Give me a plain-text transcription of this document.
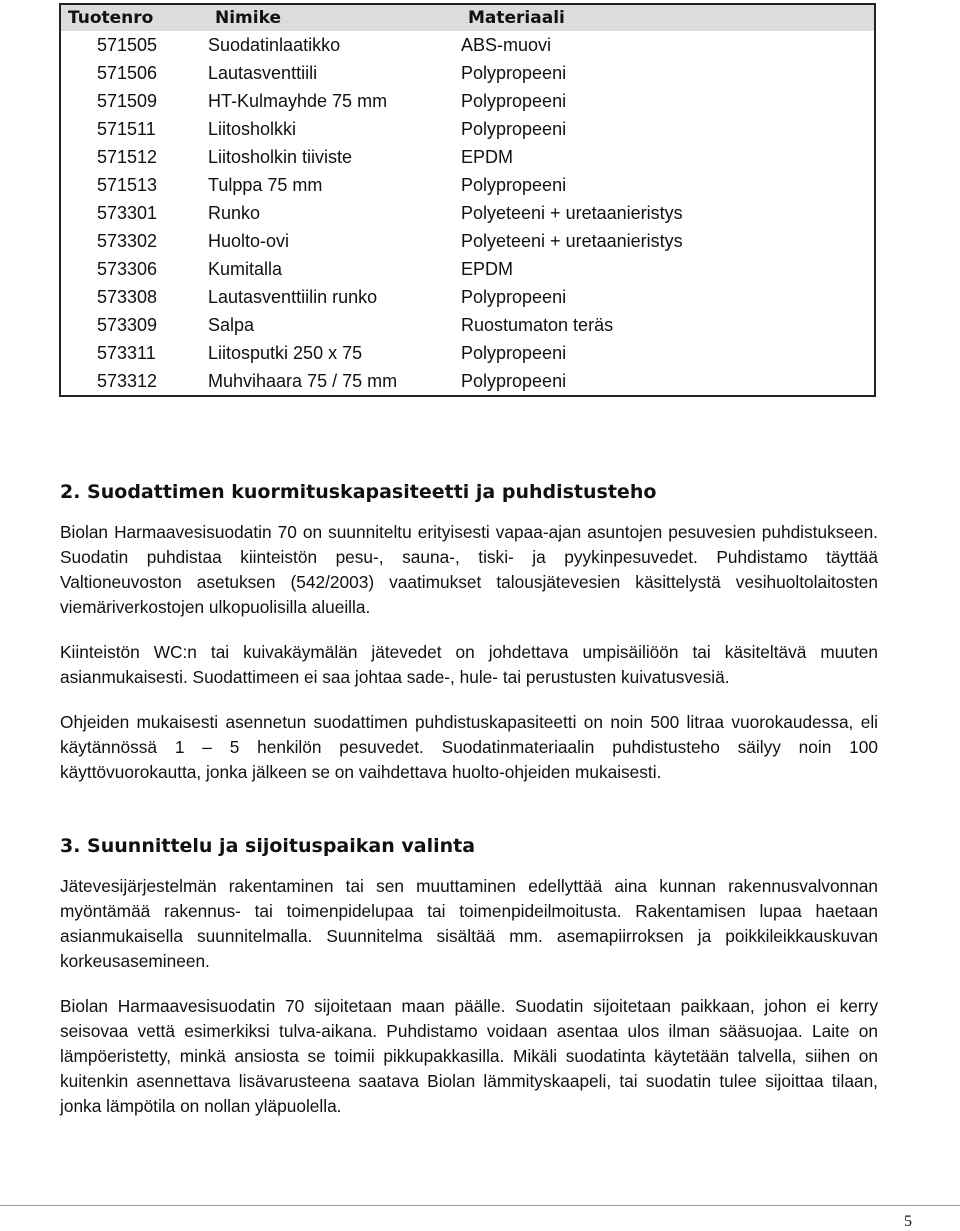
Tuotenro	Nimike	Materiaali
571505	Suodatinlaatikko	ABS-muovi
571506	Lautasventtiili	Polypropeeni
571509	HT-Kulmayhde 75 mm	Polypropeeni
571511	Liitosholkki	Polypropeeni
571512	Liitosholkin tiiviste	EPDM
571513	Tulppa 75 mm	Polypropeeni
573301	Runko	Polyeteeni + uretaanieristys
573302	Huolto-ovi	Polyeteeni + uretaanieristys
573306	Kumitalla	EPDM
573308	Lautasventtiilin runko	Polypropeeni
573309	Salpa	Ruostumaton teräs
573311	Liitosputki 250 x 75	Polypropeeni
573312	Muhvihaara 75 / 75 mm	Polypropeeni
2. Suodattimen kuormituskapasiteetti ja puhdistusteho

Biolan Harmaavesisuodatin 70 on suunniteltu erityisesti vapaa-ajan asuntojen pesuvesien puhdistukseen. Suodatin puhdistaa kiinteistön pesu-, sauna-, tiski- ja pyykinpesuvedet. Puhdistamo täyttää Valtioneuvoston asetuksen (542/2003) vaatimukset talousjätevesien käsittelystä vesihuoltolaitosten viemäriverkostojen ulkopuolisilla alueilla.

Kiinteistön WC:n tai kuivakäymälän jätevedet on johdettava umpisäiliöön tai käsiteltävä muuten asianmukaisesti. Suodattimeen ei saa johtaa sade-, hule- tai perustusten kuivatusvesiä.

Ohjeiden mukaisesti asennetun suodattimen puhdistuskapasiteetti on noin 500 litraa vuorokaudessa, eli käytännössä 1 – 5 henkilön pesuvedet. Suodatinmateriaalin puhdistusteho säilyy noin 100 käyttövuorokautta, jonka jälkeen se on vaihdettava huolto-ohjeiden mukaisesti.

3. Suunnittelu ja sijoituspaikan valinta

Jätevesijärjestelmän rakentaminen tai sen muuttaminen edellyttää aina kunnan rakennusvalvonnan myöntämää rakennus- tai toimenpidelupaa tai toimenpideilmoitusta. Rakentamisen lupaa haetaan asianmukaisella suunnitelmalla. Suunnitelma sisältää mm. asemapiirroksen ja poikkileikkauskuvan korkeusasemineen.

Biolan Harmaavesisuodatin 70 sijoitetaan maan päälle. Suodatin sijoitetaan paikkaan, johon ei kerry seisovaa vettä esimerkiksi tulva-aikana. Puhdistamo voidaan asentaa ulos ilman sääsuojaa. Laite on lämpöeristetty, minkä ansiosta se toimii pikkupakkasilla. Mikäli suodatinta käytetään talvella, siihen on kuitenkin asennettava lisävarusteena saatava Biolan lämmityskaapeli, tai suodatin tulee sijoittaa tilaan, jonka lämpötila on nollan yläpuolella.

5
